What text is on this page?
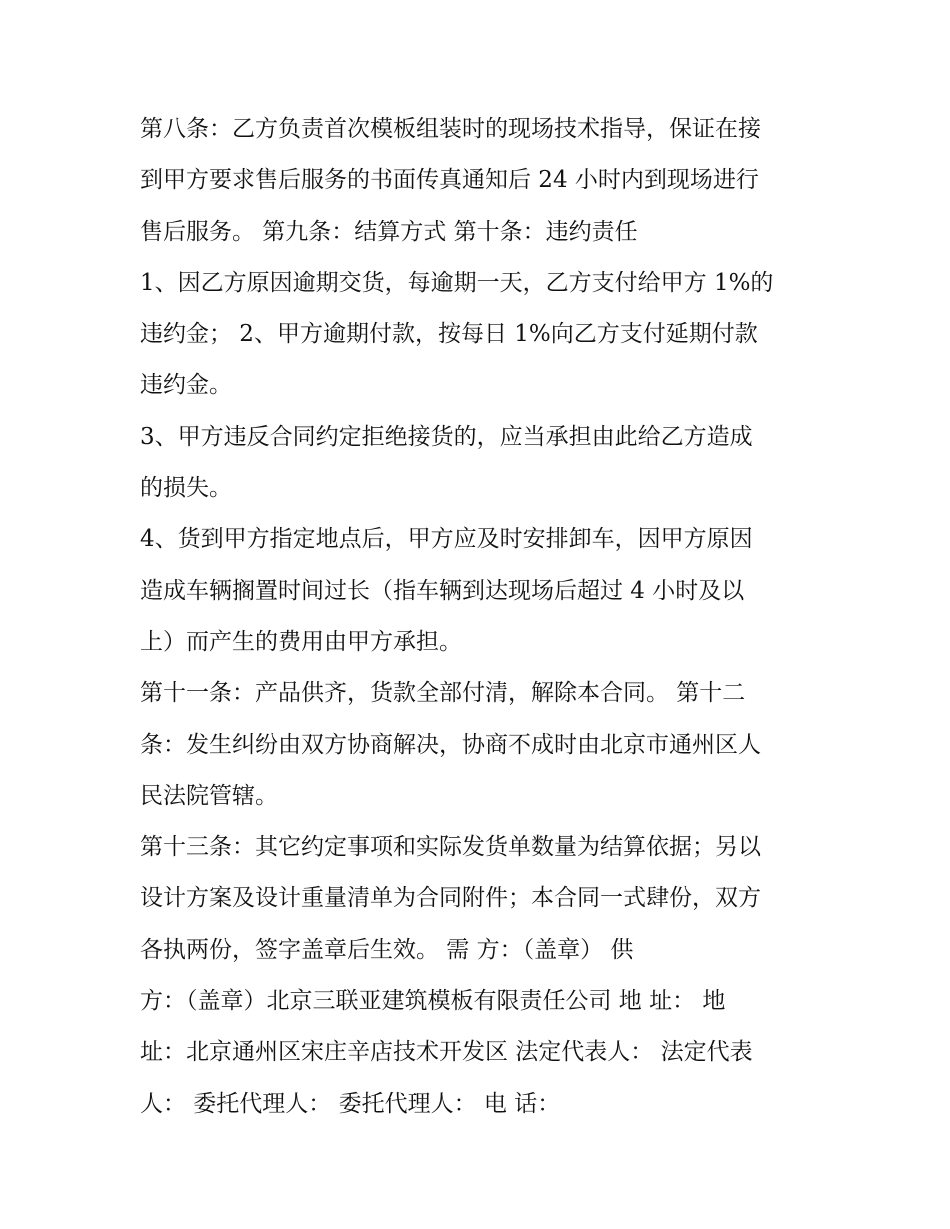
第八条：乙方负责首次模板组装时的现场技术指导，保证在接
到甲方要求售后服务的书面传真通知后 24 小时内到现场进行
售后服务。 第九条：结算方式 第十条：违约责任
1、因乙方原因逾期交货，每逾期一天，乙方支付给甲方 1%的
违约金； 2、甲方逾期付款，按每日 1%向乙方支付延期付款
违约金。
3、甲方违反合同约定拒绝接货的，应当承担由此给乙方造成
的损失。
4、货到甲方指定地点后，甲方应及时安排卸车，因甲方原因
造成车辆搁置时间过长（指车辆到达现场后超过 4 小时及以
上）而产生的费用由甲方承担。
第十一条：产品供齐，货款全部付清，解除本合同。 第十二
条：发生纠纷由双方协商解决，协商不成时由北京市通州区人
民法院管辖。
第十三条：其它约定事项和实际发货单数量为结算依据；另以
设计方案及设计重量清单为合同附件；本合同一式肆份，双方
各执两份，签字盖章后生效。 需 方：（盖章） 供
方：（盖章）北京三联亚建筑模板有限责任公司 地 址： 地
址：北京通州区宋庄辛店技术开发区 法定代表人： 法定代表
人： 委托代理人： 委托代理人： 电 话：
